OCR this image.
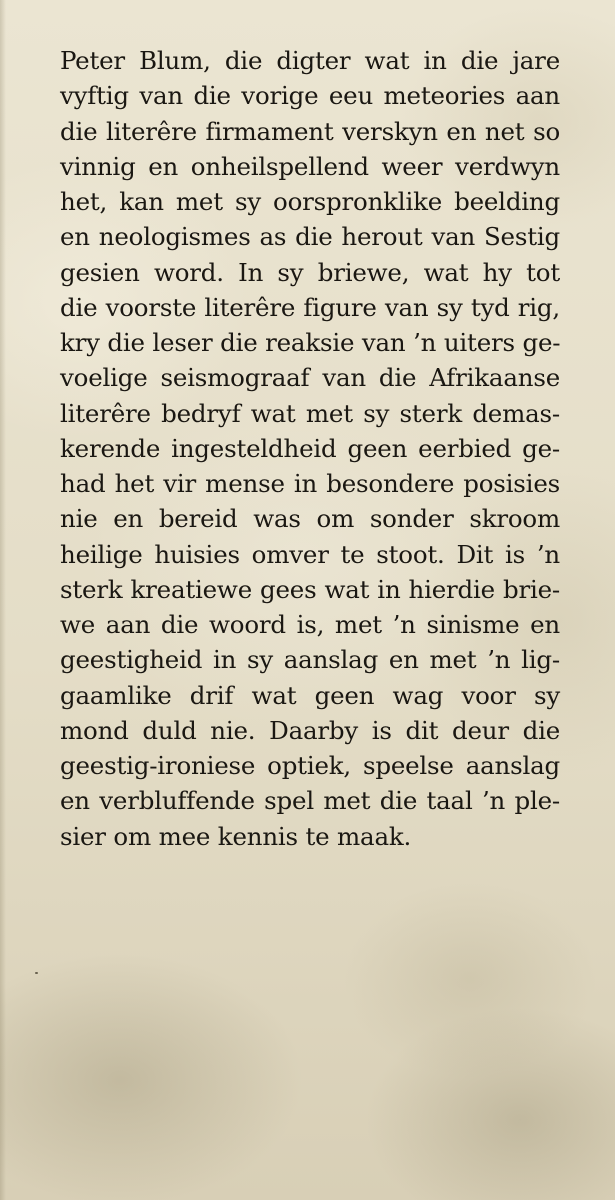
Peter Blum, die digter wat in die jare
vyftig van die vorige eeu meteories aan
die literêre firmament verskyn en net so
vinnig en onheilspellend weer verdwyn
het, kan met sy oorspronklike beelding
en neologismes as die herout van Sestig
gesien word. In sy briewe, wat hy tot
die voorste literêre figure van sy tyd rig,
kry die leser die reaksie van ’n uiters ge-
voelige seismograaf van die Afrikaanse
literêre bedryf wat met sy sterk demas-
kerende ingesteldheid geen eerbied ge-
had het vir mense in besondere posisies
nie en bereid was om sonder skroom
heilige huisies omver te stoot. Dit is ’n
sterk kreatiewe gees wat in hierdie brie-
we aan die woord is, met ’n sinisme en
geestigheid in sy aanslag en met ’n lig-
gaamlike drif wat geen wag voor sy
mond duld nie. Daarby is dit deur die
geestig-ironiese optiek, speelse aanslag
en verbluffende spel met die taal ’n ple-
sier om mee kennis te maak.
